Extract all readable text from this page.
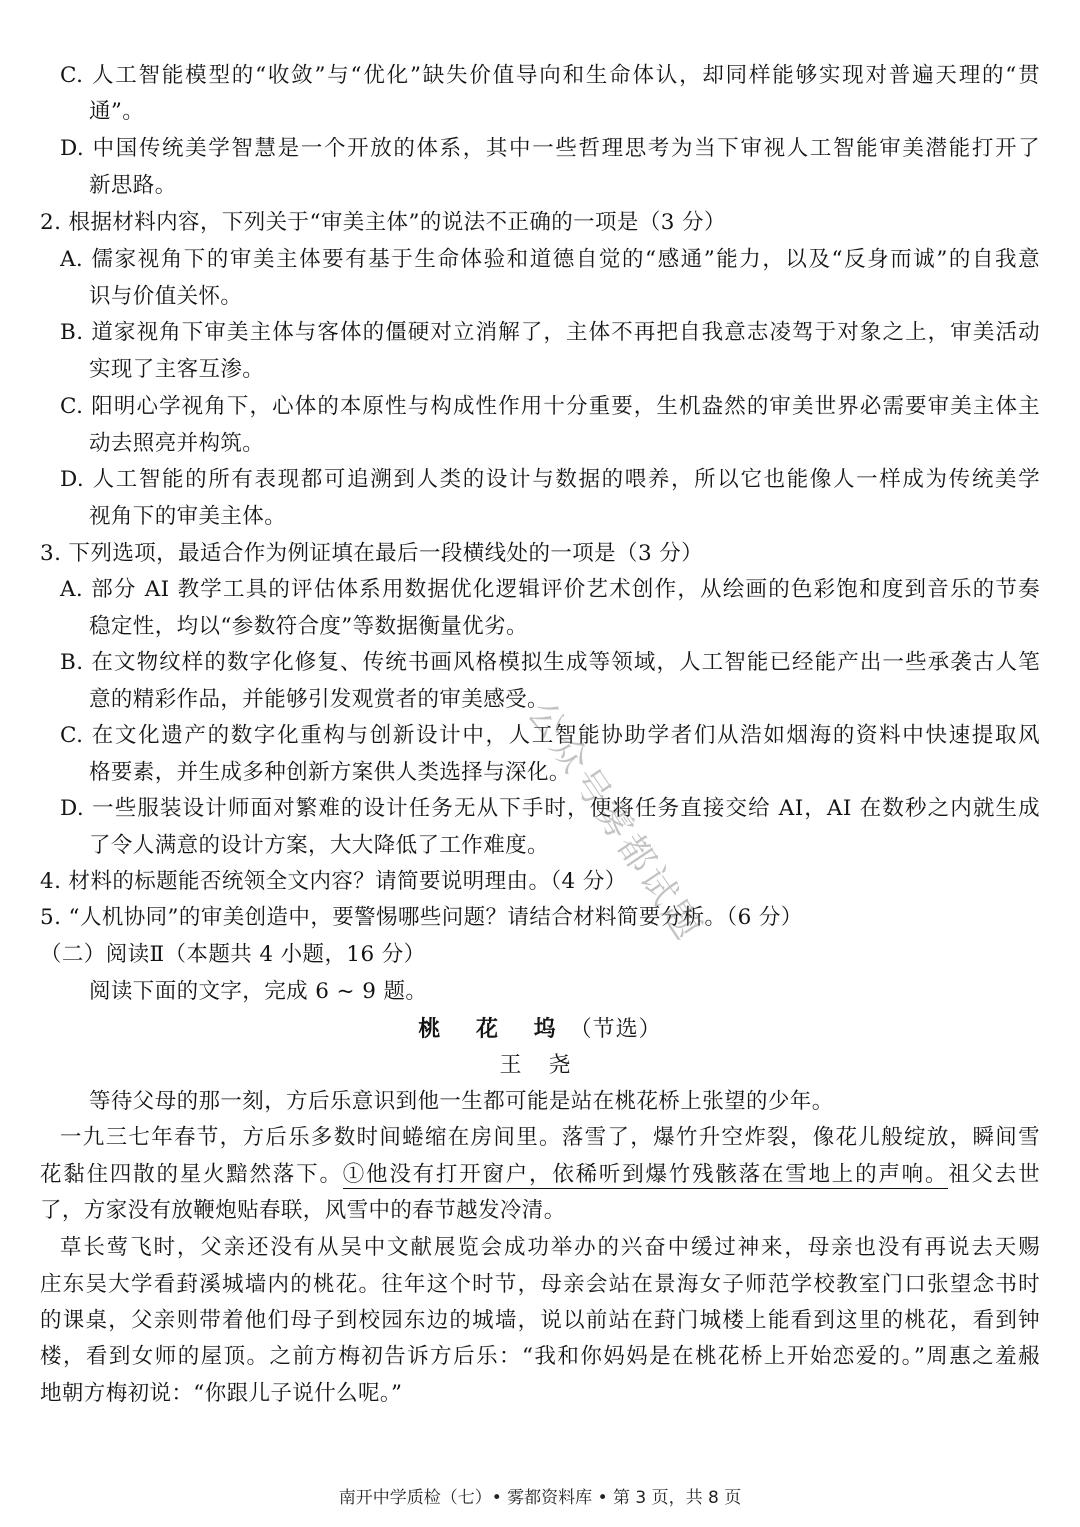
C. 人工智能模型的“收敛”与“优化”缺失价值导向和生命体认，却同样能够实现对普遍天理的“贯
通”。
D. 中国传统美学智慧是一个开放的体系，其中一些哲理思考为当下审视人工智能审美潜能打开了
新思路。
2. 根据材料内容，下列关于“审美主体”的说法不正确的一项是（3 分）
A. 儒家视角下的审美主体要有基于生命体验和道德自觉的“感通”能力，以及“反身而诚”的自我意
识与价值关怀。
B. 道家视角下审美主体与客体的僵硬对立消解了，主体不再把自我意志凌驾于对象之上，审美活动
实现了主客互渗。
C. 阳明心学视角下，心体的本原性与构成性作用十分重要，生机盎然的审美世界必需要审美主体主
动去照亮并构筑。
D. 人工智能的所有表现都可追溯到人类的设计与数据的喂养，所以它也能像人一样成为传统美学
视角下的审美主体。
3. 下列选项，最适合作为例证填在最后一段横线处的一项是（3 分）
A. 部分 AI 教学工具的评估体系用数据优化逻辑评价艺术创作，从绘画的色彩饱和度到音乐的节奏
稳定性，均以“参数符合度”等数据衡量优劣。
B. 在文物纹样的数字化修复、传统书画风格模拟生成等领域，人工智能已经能产出一些承袭古人笔
意的精彩作品，并能够引发观赏者的审美感受。
C. 在文化遗产的数字化重构与创新设计中，人工智能协助学者们从浩如烟海的资料中快速提取风
格要素，并生成多种创新方案供人类选择与深化。
D. 一些服装设计师面对繁难的设计任务无从下手时，便将任务直接交给 AI，AI 在数秒之内就生成
了令人满意的设计方案，大大降低了工作难度。
4. 材料的标题能否统领全文内容？请简要说明理由。（4 分）
5. “人机协同”的审美创造中，要警惕哪些问题？请结合材料简要分析。（6 分）
（二）阅读Ⅱ（本题共 4 小题，16 分）
阅读下面的文字，完成 6 ~ 9 题。
桃 花 坞（节选）
王 尧
等待父母的那一刻，方后乐意识到他一生都可能是站在桃花桥上张望的少年。
一九三七年春节，方后乐多数时间蜷缩在房间里。落雪了，爆竹升空炸裂，像花儿般绽放，瞬间雪
花黏住四散的星火黯然落下。①他没有打开窗户，依稀听到爆竹残骸落在雪地上的声响。祖父去世
了，方家没有放鞭炮贴春联，风雪中的春节越发冷清。
草长莺飞时，父亲还没有从吴中文献展览会成功举办的兴奋中缓过神来，母亲也没有再说去天赐
庄东吴大学看葑溪城墙内的桃花。往年这个时节，母亲会站在景海女子师范学校教室门口张望念书时
的课桌，父亲则带着他们母子到校园东边的城墙，说以前站在葑门城楼上能看到这里的桃花，看到钟
楼，看到女师的屋顶。之前方梅初告诉方后乐：“我和你妈妈是在桃花桥上开始恋爱的。”周惠之羞赧
地朝方梅初说：“你跟儿子说什么呢。”
南开中学质检（七）• 雾都资料库 • 第 3 页，共 8 页
公众号雾都试题
